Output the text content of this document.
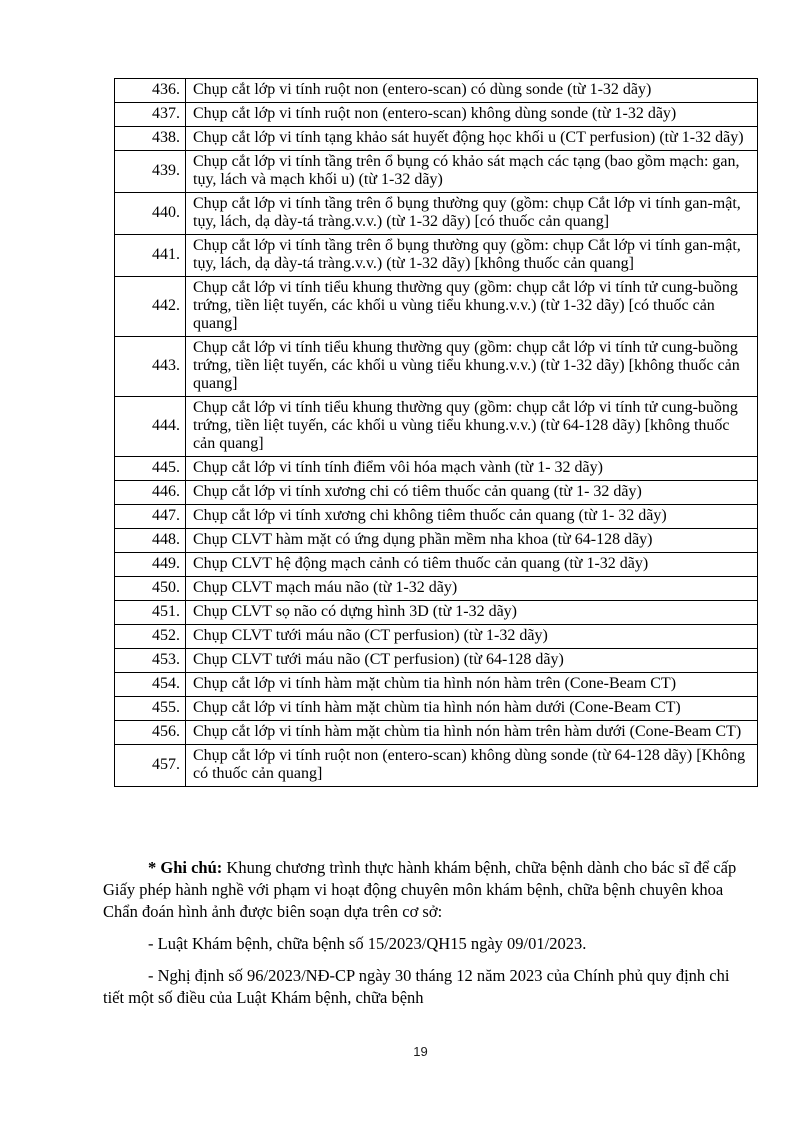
436.	Chụp cắt lớp vi tính ruột non (entero-scan) có dùng sonde (từ 1-32 dãy)
437.	Chụp cắt lớp vi tính ruột non (entero-scan) không dùng sonde (từ 1-32 dãy)
438.	Chụp cắt lớp vi tính tạng khảo sát huyết động học khối u (CT perfusion) (từ 1-32 dãy)
439.	Chụp cắt lớp vi tính tầng trên ổ bụng có khảo sát mạch các tạng (bao gồm mạch: gan, tụy, lách và mạch khối u) (từ 1-32 dãy)
440.	Chụp cắt lớp vi tính tầng trên ổ bụng thường quy (gồm: chụp Cắt lớp vi tính gan-mật, tụy, lách, dạ dày-tá tràng.v.v.) (từ 1-32 dãy) [có thuốc cản quang]
441.	Chụp cắt lớp vi tính tầng trên ổ bụng thường quy (gồm: chụp Cắt lớp vi tính gan-mật, tụy, lách, dạ dày-tá tràng.v.v.) (từ 1-32 dãy) [không thuốc cản quang]
442.	Chụp cắt lớp vi tính tiểu khung thường quy (gồm: chụp cắt lớp vi tính tử cung-buồng trứng, tiền liệt tuyến, các khối u vùng tiểu khung.v.v.) (từ 1-32 dãy) [có thuốc cản quang]
443.	Chụp cắt lớp vi tính tiểu khung thường quy (gồm: chụp cắt lớp vi tính tử cung-buồng trứng, tiền liệt tuyến, các khối u vùng tiểu khung.v.v.) (từ 1-32 dãy) [không thuốc cản quang]
444.	Chụp cắt lớp vi tính tiểu khung thường quy (gồm: chụp cắt lớp vi tính tử cung-buồng trứng, tiền liệt tuyến, các khối u vùng tiểu khung.v.v.) (từ 64-128 dãy) [không thuốc cản quang]
445.	Chụp cắt lớp vi tính tính điểm vôi hóa mạch vành (từ 1- 32 dãy)
446.	Chụp cắt lớp vi tính xương chi có tiêm thuốc cản quang (từ 1- 32 dãy)
447.	Chụp cắt lớp vi tính xương chi không tiêm thuốc cản quang (từ 1- 32 dãy)
448.	Chụp CLVT hàm mặt có ứng dụng phần mềm nha khoa (từ 64-128 dãy)
449.	Chụp CLVT hệ động mạch cảnh có tiêm thuốc cản quang (từ 1-32 dãy)
450.	Chụp CLVT mạch máu não (từ 1-32 dãy)
451.	Chụp CLVT sọ não có dựng hình 3D (từ 1-32 dãy)
452.	Chụp CLVT tưới máu não (CT perfusion) (từ 1-32 dãy)
453.	Chụp CLVT tưới máu não (CT perfusion) (từ 64-128 dãy)
454.	Chụp cắt lớp vi tính hàm mặt chùm tia hình nón hàm trên (Cone-Beam CT)
455.	Chụp cắt lớp vi tính hàm mặt chùm tia hình nón hàm dưới (Cone-Beam CT)
456.	Chụp cắt lớp vi tính hàm mặt chùm tia hình nón hàm trên hàm dưới (Cone-Beam CT)
457.	Chụp cắt lớp vi tính ruột non (entero-scan) không dùng sonde (từ 64-128 dãy) [Không có thuốc cản quang]

* Ghi chú: Khung chương trình thực hành khám bệnh, chữa bệnh dành cho bác sĩ để cấp Giấy phép hành nghề với phạm vi hoạt động chuyên môn khám bệnh, chữa bệnh chuyên khoa Chẩn đoán hình ảnh được biên soạn dựa trên cơ sở:

- Luật Khám bệnh, chữa bệnh số 15/2023/QH15 ngày 09/01/2023.

- Nghị định số 96/2023/NĐ-CP ngày 30 tháng 12 năm 2023 của Chính phủ quy định chi tiết một số điều của Luật Khám bệnh, chữa bệnh

19
